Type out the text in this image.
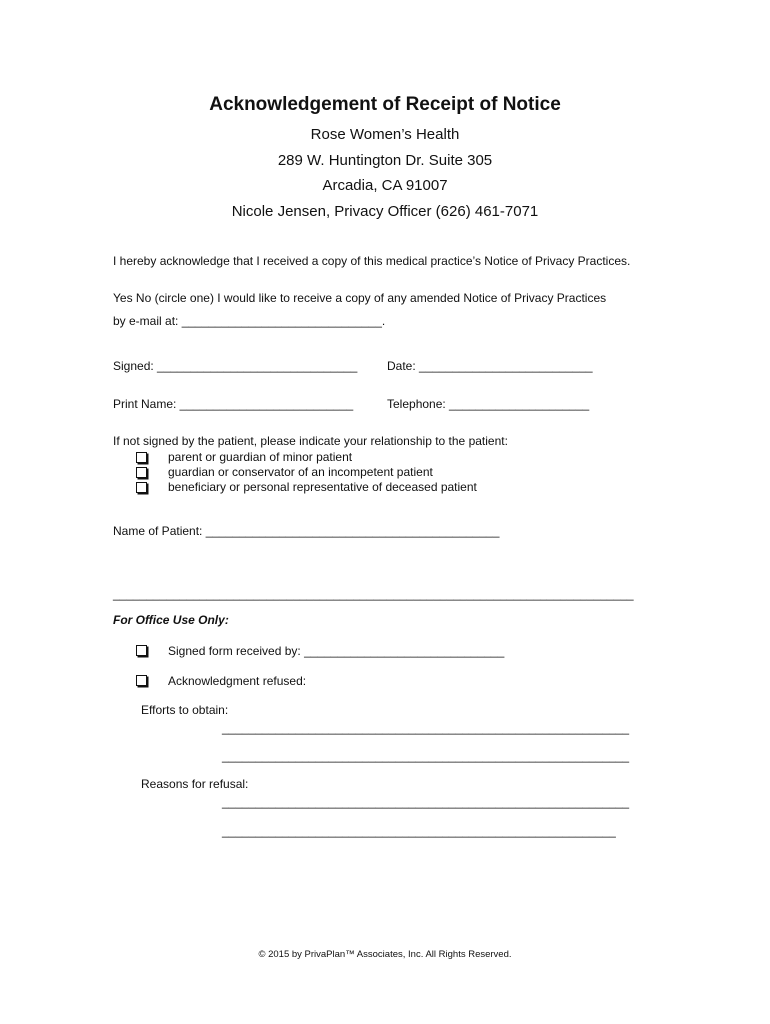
Acknowledgement of Receipt of Notice
Rose Women’s Health
289 W. Huntington Dr. Suite 305
Arcadia, CA 91007
Nicole Jensen, Privacy Officer (626) 461-7071
I hereby acknowledge that I received a copy of this medical practice’s Notice of Privacy Practices.
Yes No (circle one) I would like to receive a copy of any amended Notice of Privacy Practices
by e-mail at: ______________________________.
Signed: ______________________________ Date: __________________________
Print Name: __________________________	Telephone: _____________________
If not signed by the patient, please indicate your relationship to the patient:
parent or guardian of minor patient
guardian or conservator of an incompetent patient
beneficiary or personal representative of deceased patient
Name of Patient: ____________________________________________
______________________________________________________________________________
For Office Use Only:
Signed form received by: ______________________________
Acknowledgment refused:
Efforts to obtain:
_____________________________________________________________
_____________________________________________________________
Reasons for refusal:
_____________________________________________________________
___________________________________________________________
© 2015 by PrivaPlan™ Associates, Inc. All Rights Reserved.
